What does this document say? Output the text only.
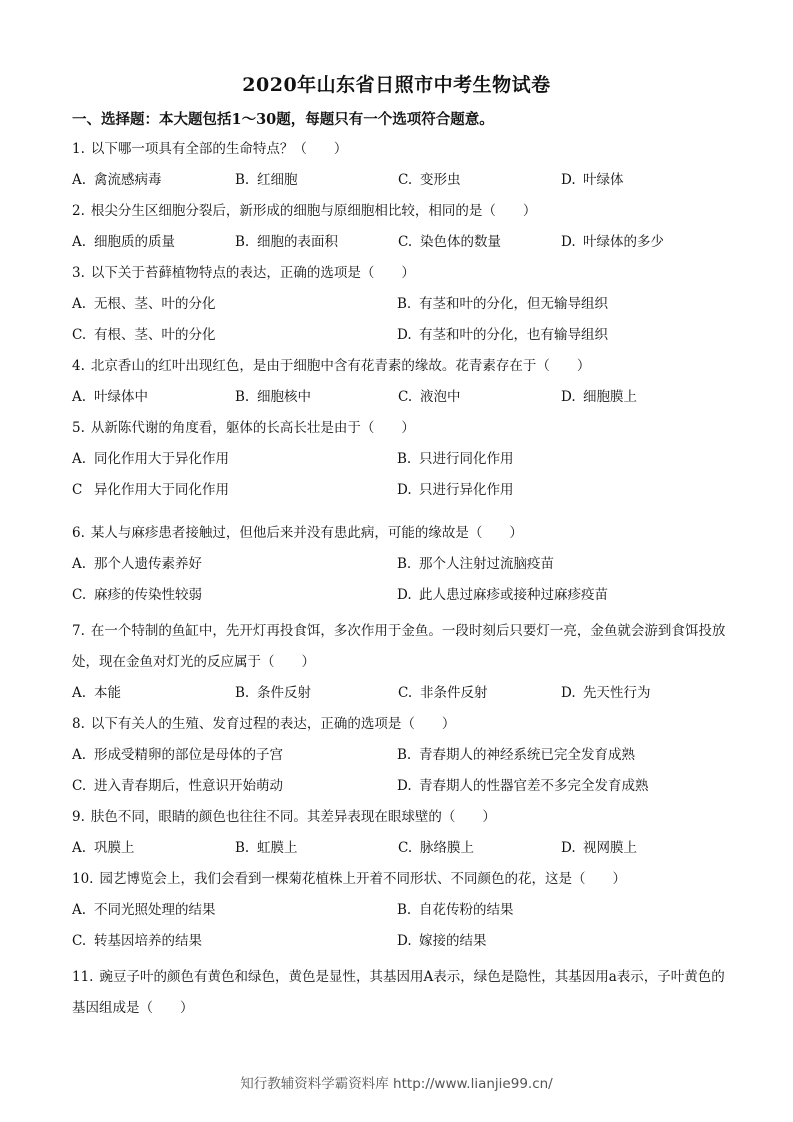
2020年山东省日照市中考生物试卷
一、选择题：本大题包括1～30题，每题只有一个选项符合题意。
1. 以下哪一项具有全部的生命特点？（　　）
A. 禽流感病毒	B. 红细胞	C. 变形虫	D. 叶绿体
2. 根尖分生区细胞分裂后，新形成的细胞与原细胞相比较，相同的是（　　）
A. 细胞质的质量	B. 细胞的表面积	C. 染色体的数量	D. 叶绿体的多少
3. 以下关于苔藓植物特点的表达，正确的选项是（　　）
A. 无根、茎、叶的分化	B. 有茎和叶的分化，但无输导组织
C. 有根、茎、叶的分化	D. 有茎和叶的分化，也有输导组织
4. 北京香山的红叶出现红色，是由于细胞中含有花青素的缘故。花青素存在于（　　）
A. 叶绿体中	B. 细胞核中	C. 液泡中	D. 细胞膜上
5. 从新陈代谢的角度看，躯体的长高长壮是由于（　　）
A. 同化作用大于异化作用	B. 只进行同化作用
C 异化作用大于同化作用	D. 只进行异化作用
6. 某人与麻疹患者接触过，但他后来并没有患此病，可能的缘故是（　　）
A. 那个人遗传素养好	B. 那个人注射过流脑疫苗
C. 麻疹的传染性较弱	D. 此人患过麻疹或接种过麻疹疫苗
7. 在一个特制的鱼缸中，先开灯再投食饵，多次作用于金鱼。一段时刻后只要灯一亮，金鱼就会游到食饵投放处，现在金鱼对灯光的反应属于（　　）
A. 本能	B. 条件反射	C. 非条件反射	D. 先天性行为
8. 以下有关人的生殖、发育过程的表达，正确的选项是（　　）
A. 形成受精卵的部位是母体的子宫	B. 青春期人的神经系统已完全发育成熟
C. 进入青春期后，性意识开始萌动	D. 青春期人的性器官差不多完全发育成熟
9. 肤色不同，眼睛的颜色也往往不同。其差异表现在眼球壁的（　　）
A. 巩膜上	B. 虹膜上	C. 脉络膜上	D. 视网膜上
10. 园艺博览会上，我们会看到一棵菊花植株上开着不同形状、不同颜色的花，这是（　　）
A. 不同光照处理的结果	B. 自花传粉的结果
C. 转基因培养的结果	D. 嫁接的结果
11. 豌豆子叶的颜色有黄色和绿色，黄色是显性，其基因用A表示，绿色是隐性，其基因用a表示，子叶黄色的基因组成是（　　）
知行教辅资料学霸资料库 http://www.lianjie99.cn/
